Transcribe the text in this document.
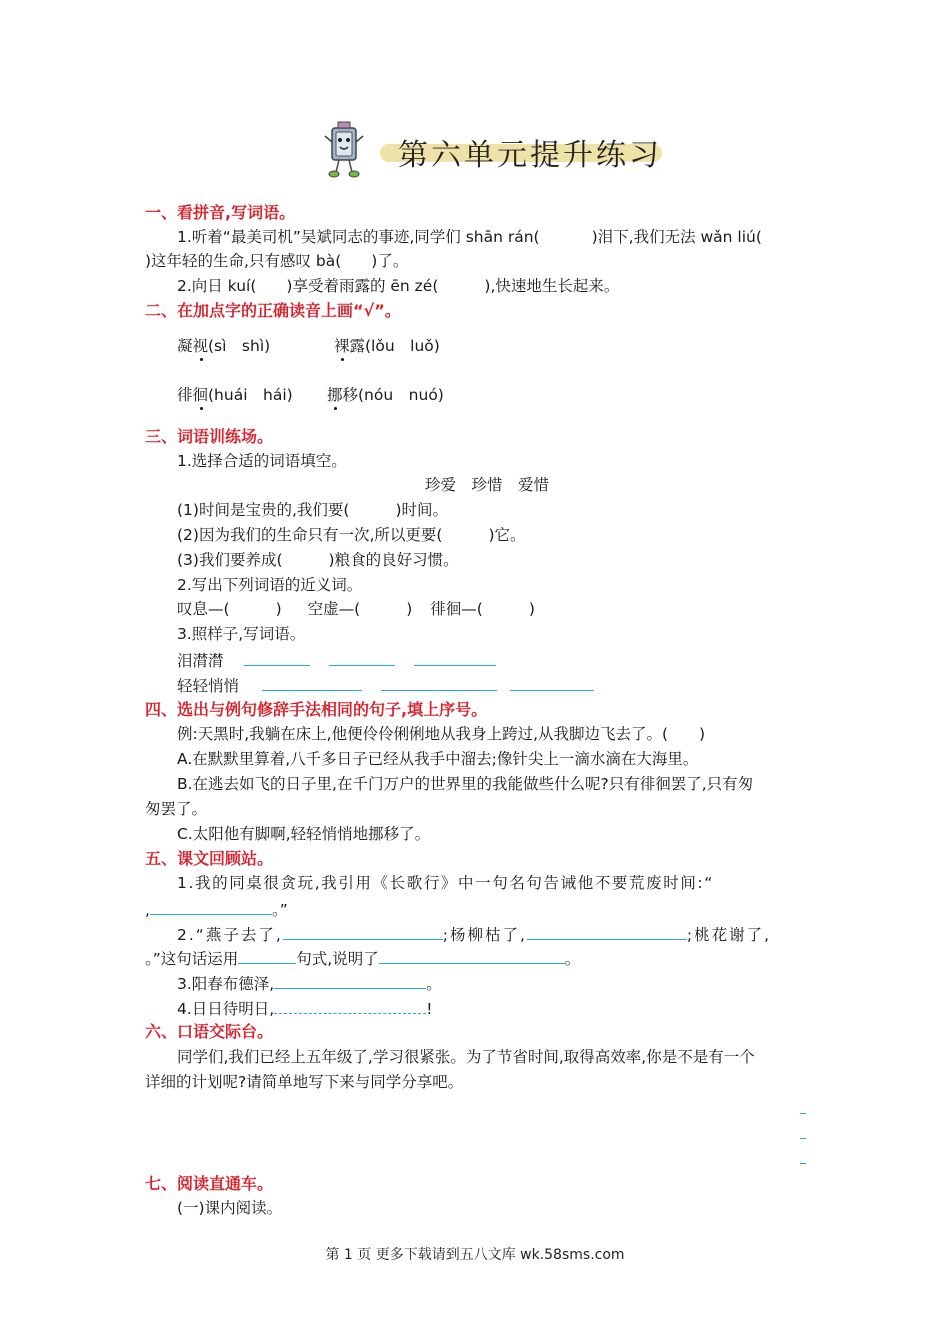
第六单元提升练习
一、看拼音,写词语。
1.听着“最美司机”吴斌同志的事迹,同学们 shān rán(	)泪下,我们无法 wǎn liú(
)这年轻的生命,只有感叹 bà( )了。
2.向日 kuí( )享受着雨露的 ēn zé(	),快速地生长起来。
二、在加点字的正确读音上画“√”。
凝视(sì　shì)	裸露(lǒu　luǒ)
徘徊(huái　hái) 挪移(nóu　nuó)
三、词语训练场。
1.选择合适的词语填空。
珍爱　珍惜　爱惜
(1)时间是宝贵的,我们要(	)时间。
(2)因为我们的生命只有一次,所以更要(	)它。
(3)我们要养成(	)粮食的良好习惯。
2.写出下列词语的近义词。
叹息—(	) 空虚—(	) 徘徊—(	)
3.照样子,写词语。
泪潸潸
轻轻悄悄
四、选出与例句修辞手法相同的句子,填上序号。
例:天黑时,我躺在床上,他便伶伶俐俐地从我身上跨过,从我脚边飞去了。(　　)
A.在默默里算着,八千多日子已经从我手中溜去;像针尖上一滴水滴在大海里。
B.在逃去如飞的日子里,在千门万户的世界里的我能做些什么呢?只有徘徊罢了,只有匆
匆罢了。
C.太阳他有脚啊,轻轻悄悄地挪移了。
五、课文回顾站。
1.我的同桌很贪玩,我引用《长歌行》中一句名句告诫他不要荒废时间:“
,	。”
2.“燕子去了,	;杨柳枯了,	;桃花谢了,
。”这句话运用	句式,说明了	。
3.阳春布德泽,	。
4.日日待明日,	!
六、口语交际台。
同学们,我们已经上五年级了,学习很紧张。为了节省时间,取得高效率,你是不是有一个
详细的计划呢?请简单地写下来与同学分享吧。
七、阅读直通车。
(一)课内阅读。
第 1 页 更多下载请到五八文库 wk.58sms.com
